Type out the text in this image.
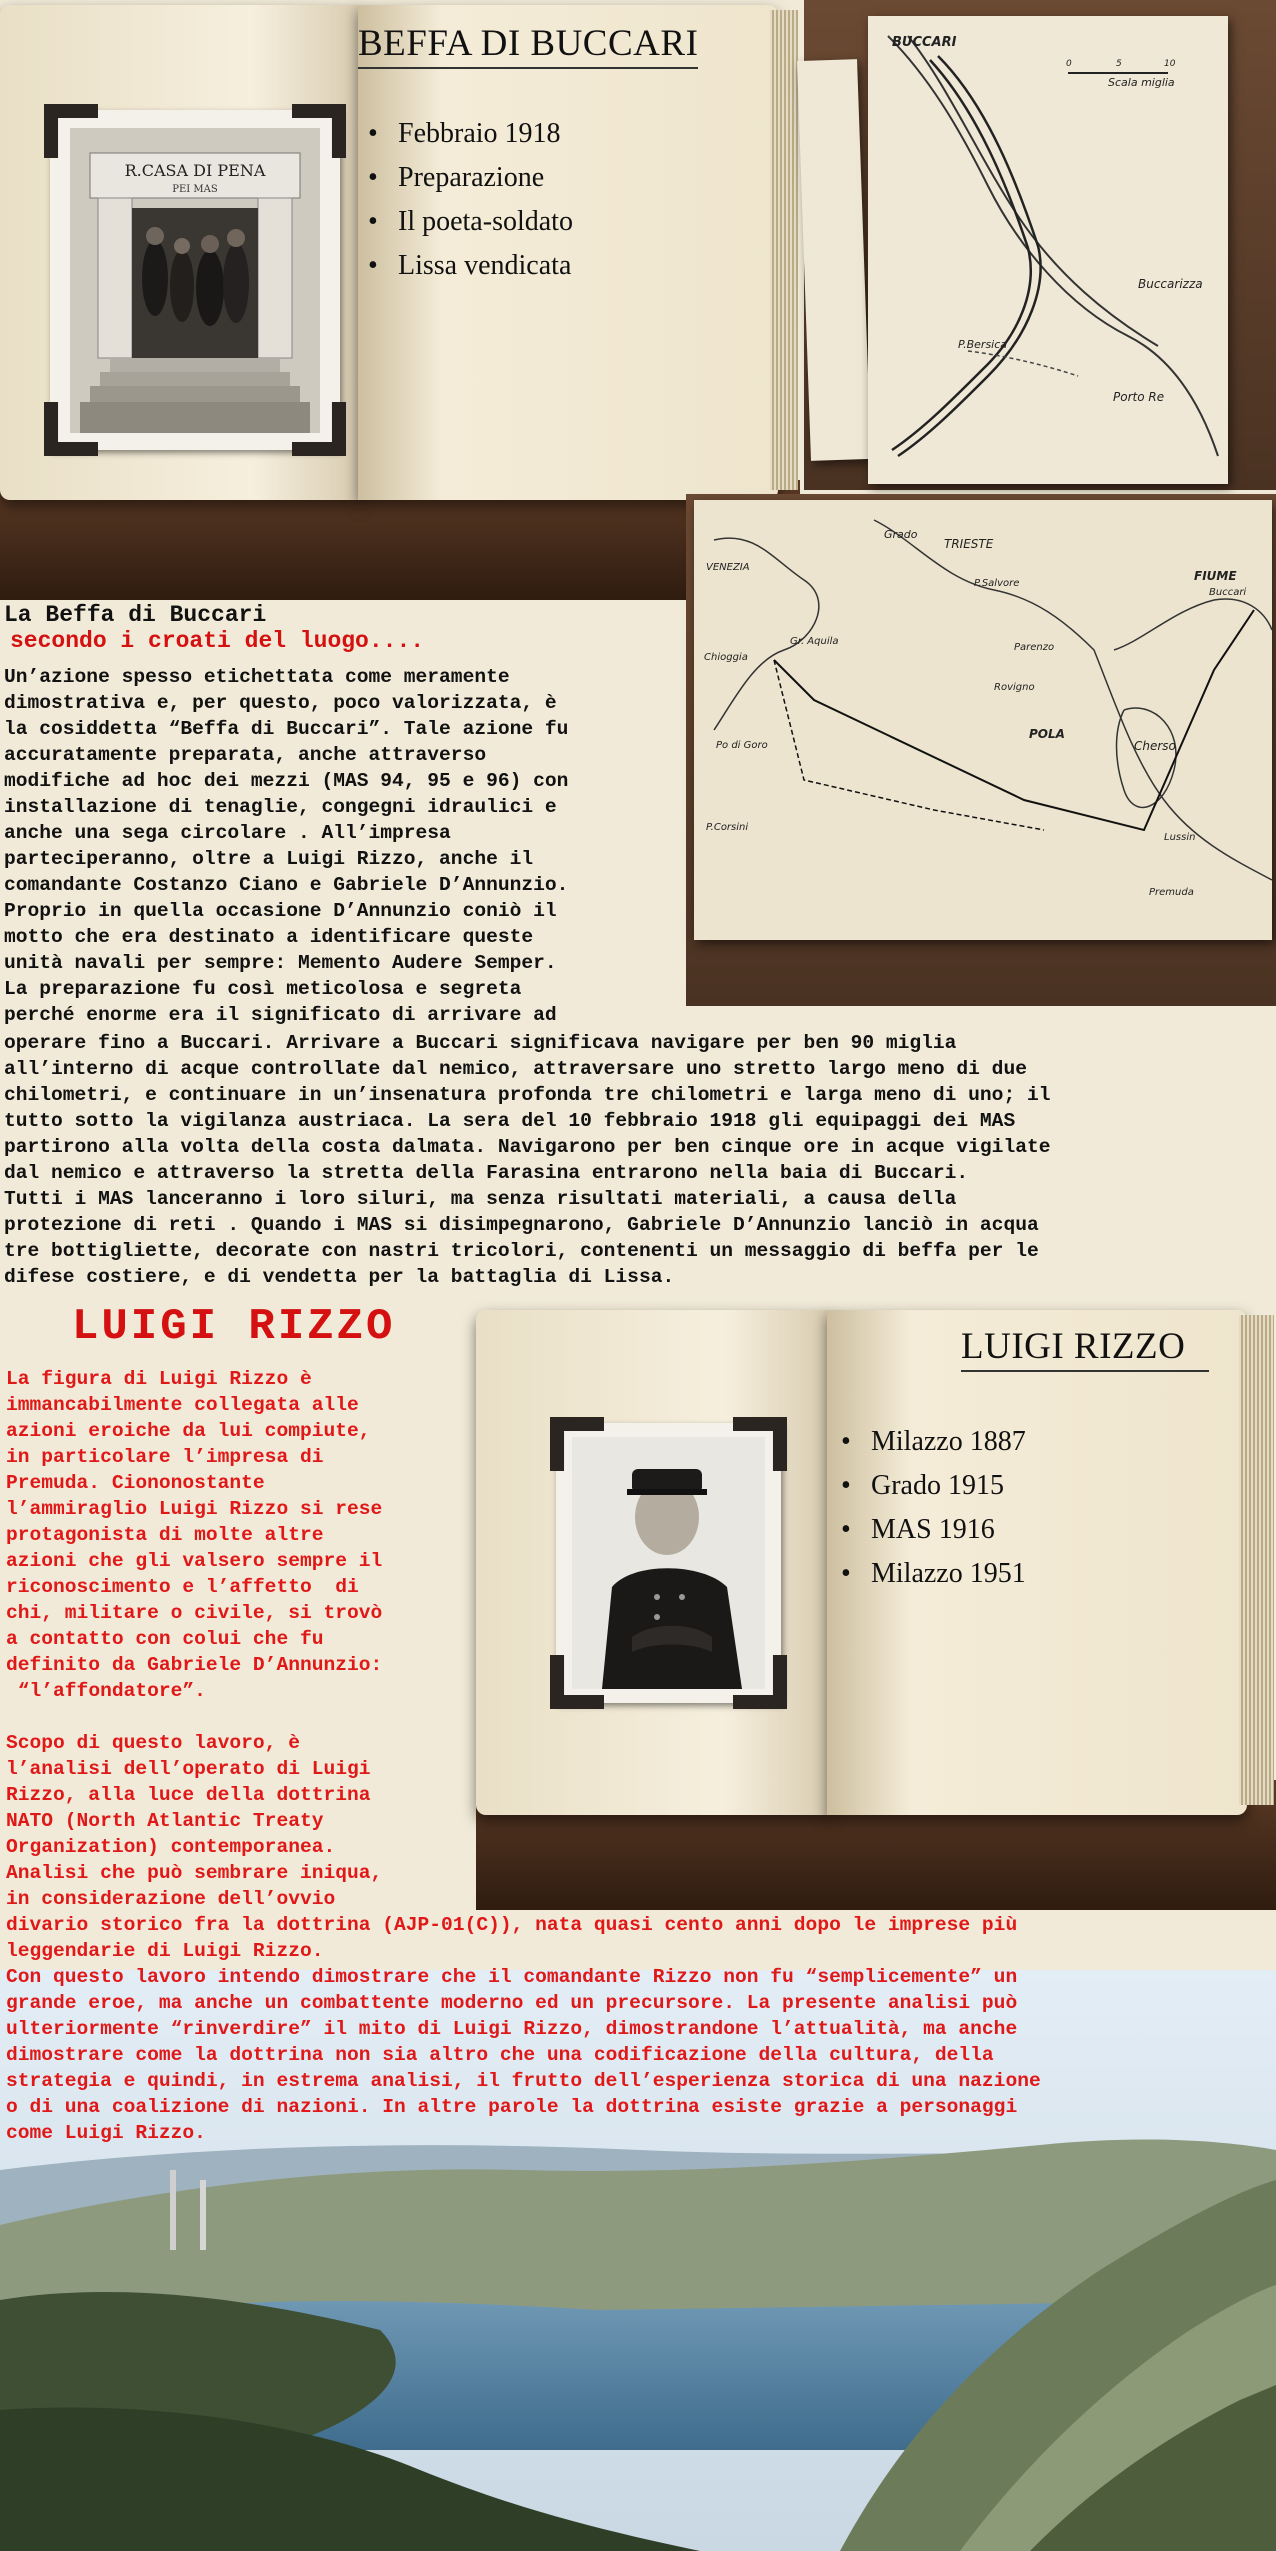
R.CASA DI PENA
PEI MAS
BEFFA DI BUCCARI
• Febbraio 1918
• Preparazione
• Il poeta-soldato
• Lissa vendicata
BUCCARI
Scala miglia
Buccarizza
P.Bersica
Porto Re
0	5	10
TRIESTE
FIUME
Buccari
Grado
VENEZIA
Chioggia
Gr. Aquila
P.Salvore
Parenzo
Rovigno
POLA
Cherso
Lussin
Premuda
Po di Goro
P.Corsini
La Beffa di Buccari
secondo i croati del luogo....
Un’azione spesso etichettata come meramente
dimostrativa e, per questo, poco valorizzata, è
la cosiddetta “Beffa di Buccari”. Tale azione fu
accuratamente preparata, anche attraverso
modifiche ad hoc dei mezzi (MAS 94, 95 e 96) con
installazione di tenaglie, congegni idraulici e
anche una sega circolare . All’impresa
parteciperanno, oltre a Luigi Rizzo, anche il
comandante Costanzo Ciano e Gabriele D’Annunzio.
Proprio in quella occasione D’Annunzio coniò il
motto che era destinato a identificare queste
unità navali per sempre: Memento Audere Semper.
La preparazione fu così meticolosa e segreta
perché enorme era il significato di arrivare ad
operare fino a Buccari. Arrivare a Buccari significava navigare per ben 90 miglia
all’interno di acque controllate dal nemico, attraversare uno stretto largo meno di due
chilometri, e continuare in un’insenatura profonda tre chilometri e larga meno di uno; il
tutto sotto la vigilanza austriaca. La sera del 10 febbraio 1918 gli equipaggi dei MAS
partirono alla volta della costa dalmata. Navigarono per ben cinque ore in acque vigilate
dal nemico e attraverso la stretta della Farasina entrarono nella baia di Buccari.
Tutti i MAS lanceranno i loro siluri, ma senza risultati materiali, a causa della
protezione di reti . Quando i MAS si disimpegnarono, Gabriele D’Annunzio lanciò in acqua
tre bottigliette, decorate con nastri tricolori, contenenti un messaggio di beffa per le
difese costiere, e di vendetta per la battaglia di Lissa.
LUIGI RIZZO
• Milazzo 1887
• Grado 1915
• MAS 1916
• Milazzo 1951
LUIGI RIZZO
La figura di Luigi Rizzo è
immancabilmente collegata alle
azioni eroiche da lui compiute,
in particolare l’impresa di
Premuda. Ciononostante
l’ammiraglio Luigi Rizzo si rese
protagonista di molte altre
azioni che gli valsero sempre il
riconoscimento e l’affetto  di
chi, militare o civile, si trovò
a contatto con colui che fu
definito da Gabriele D’Annunzio:
“l’affondatore”.

Scopo di questo lavoro, è
l’analisi dell’operato di Luigi
Rizzo, alla luce della dottrina
NATO (North Atlantic Treaty
Organization) contemporanea.
Analisi che può sembrare iniqua,
in considerazione dell’ovvio
divario storico fra la dottrina (AJP-01(C)), nata quasi cento anni dopo le imprese più
leggendarie di Luigi Rizzo.
Con questo lavoro intendo dimostrare che il comandante Rizzo non fu “semplicemente” un
grande eroe, ma anche un combattente moderno ed un precursore. La presente analisi può
ulteriormente “rinverdire” il mito di Luigi Rizzo, dimostrandone l’attualità, ma anche
dimostrare come la dottrina non sia altro che una codificazione della cultura, della
strategia e quindi, in estrema analisi, il frutto dell’esperienza storica di una nazione
o di una coalizione di nazioni. In altre parole la dottrina esiste grazie a personaggi
come Luigi Rizzo.
